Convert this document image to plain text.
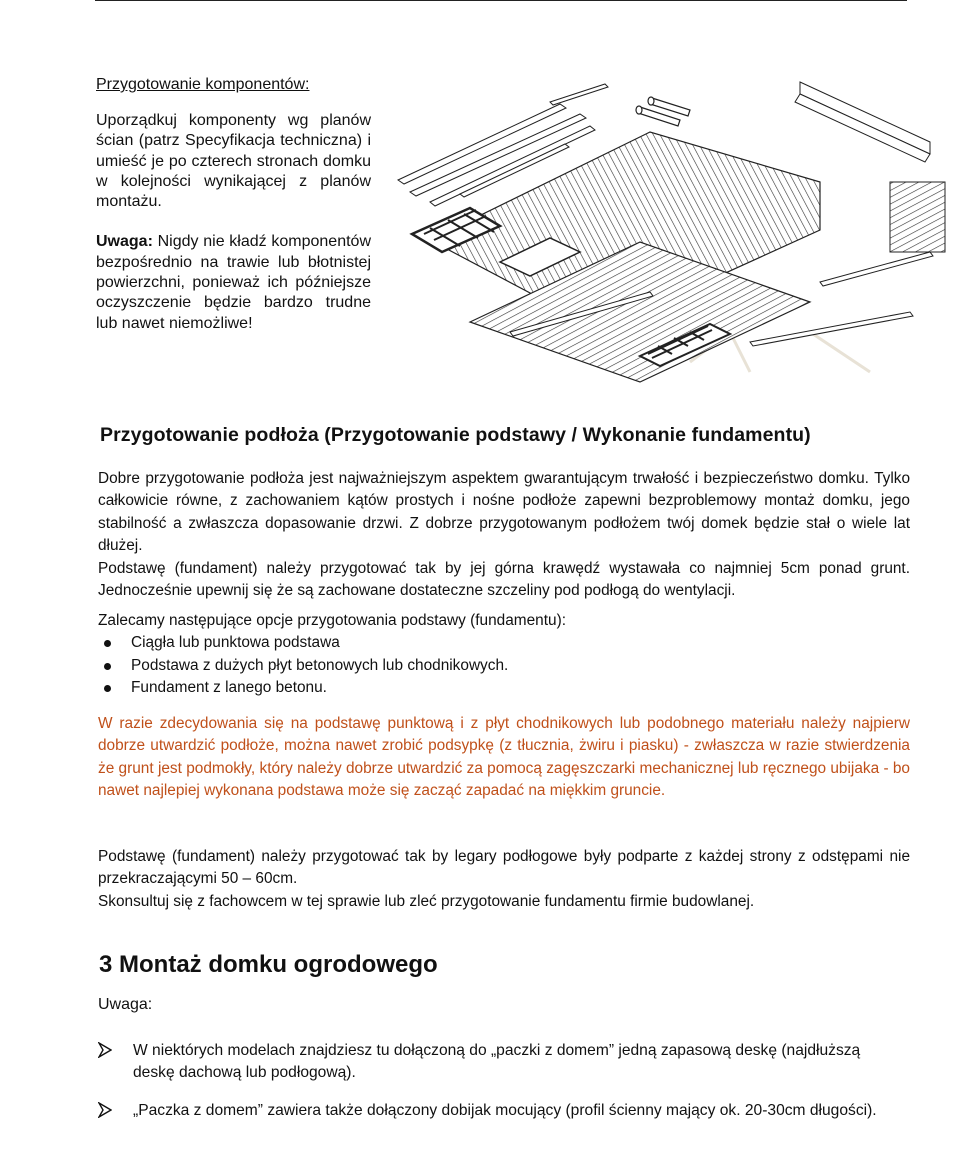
Przygotowanie komponentów:

Uporządkuj komponenty wg planów ścian (patrz Specyfikacja techniczna) i umieść je po czterech stronach domku w kolejności wynikającej z planów montażu.

Uwaga: Nigdy nie kładź komponentów bezpośrednio na trawie lub błotnistej powierzchni, ponieważ ich późniejsze oczyszczenie będzie bardzo trudne lub nawet niemożliwe!

Przygotowanie podłoża (Przygotowanie podstawy / Wykonanie fundamentu)

Dobre przygotowanie podłoża jest najważniejszym aspektem gwarantującym trwałość i bezpieczeństwo domku. Tylko całkowicie równe, z zachowaniem kątów prostych i nośne podłoże zapewni bezproblemowy montaż domku, jego stabilność a zwłaszcza dopasowanie drzwi. Z dobrze przygotowanym podłożem twój domek będzie stał o wiele lat dłużej.

Podstawę (fundament) należy przygotować tak by jej górna krawędź wystawała co najmniej 5cm ponad grunt. Jednocześnie upewnij się że są zachowane dostateczne szczeliny pod podłogą do wentylacji.

Zalecamy następujące opcje przygotowania podstawy (fundamentu):

Ciągła lub punktowa podstawa
Podstawa z dużych płyt betonowych lub chodnikowych.
Fundament z lanego betonu.

W razie zdecydowania się na podstawę punktową i z płyt chodnikowych lub podobnego materiału należy najpierw dobrze utwardzić podłoże, można nawet zrobić podsypkę (z tłucznia, żwiru i piasku) - zwłaszcza w razie stwierdzenia że grunt jest podmokły, który należy dobrze utwardzić za pomocą zagęszczarki mechanicznej lub ręcznego ubijaka - bo nawet najlepiej wykonana podstawa może się zacząć zapadać na miękkim gruncie.

Podstawę (fundament) należy przygotować tak by legary podłogowe były podparte z każdej strony z odstępami nie przekraczającymi 50 – 60cm.

Skonsultuj się z fachowcem w tej sprawie lub zleć przygotowanie fundamentu firmie budowlanej.

3 Montaż domku ogrodowego
Uwaga:
W niektórych modelach znajdziesz tu dołączoną do „paczki z domem” jedną zapasową deskę (najdłuższą deskę dachową lub podłogową).
„Paczka z domem” zawiera także dołączony dobijak mocujący (profil ścienny mający ok. 20-30cm długości).
